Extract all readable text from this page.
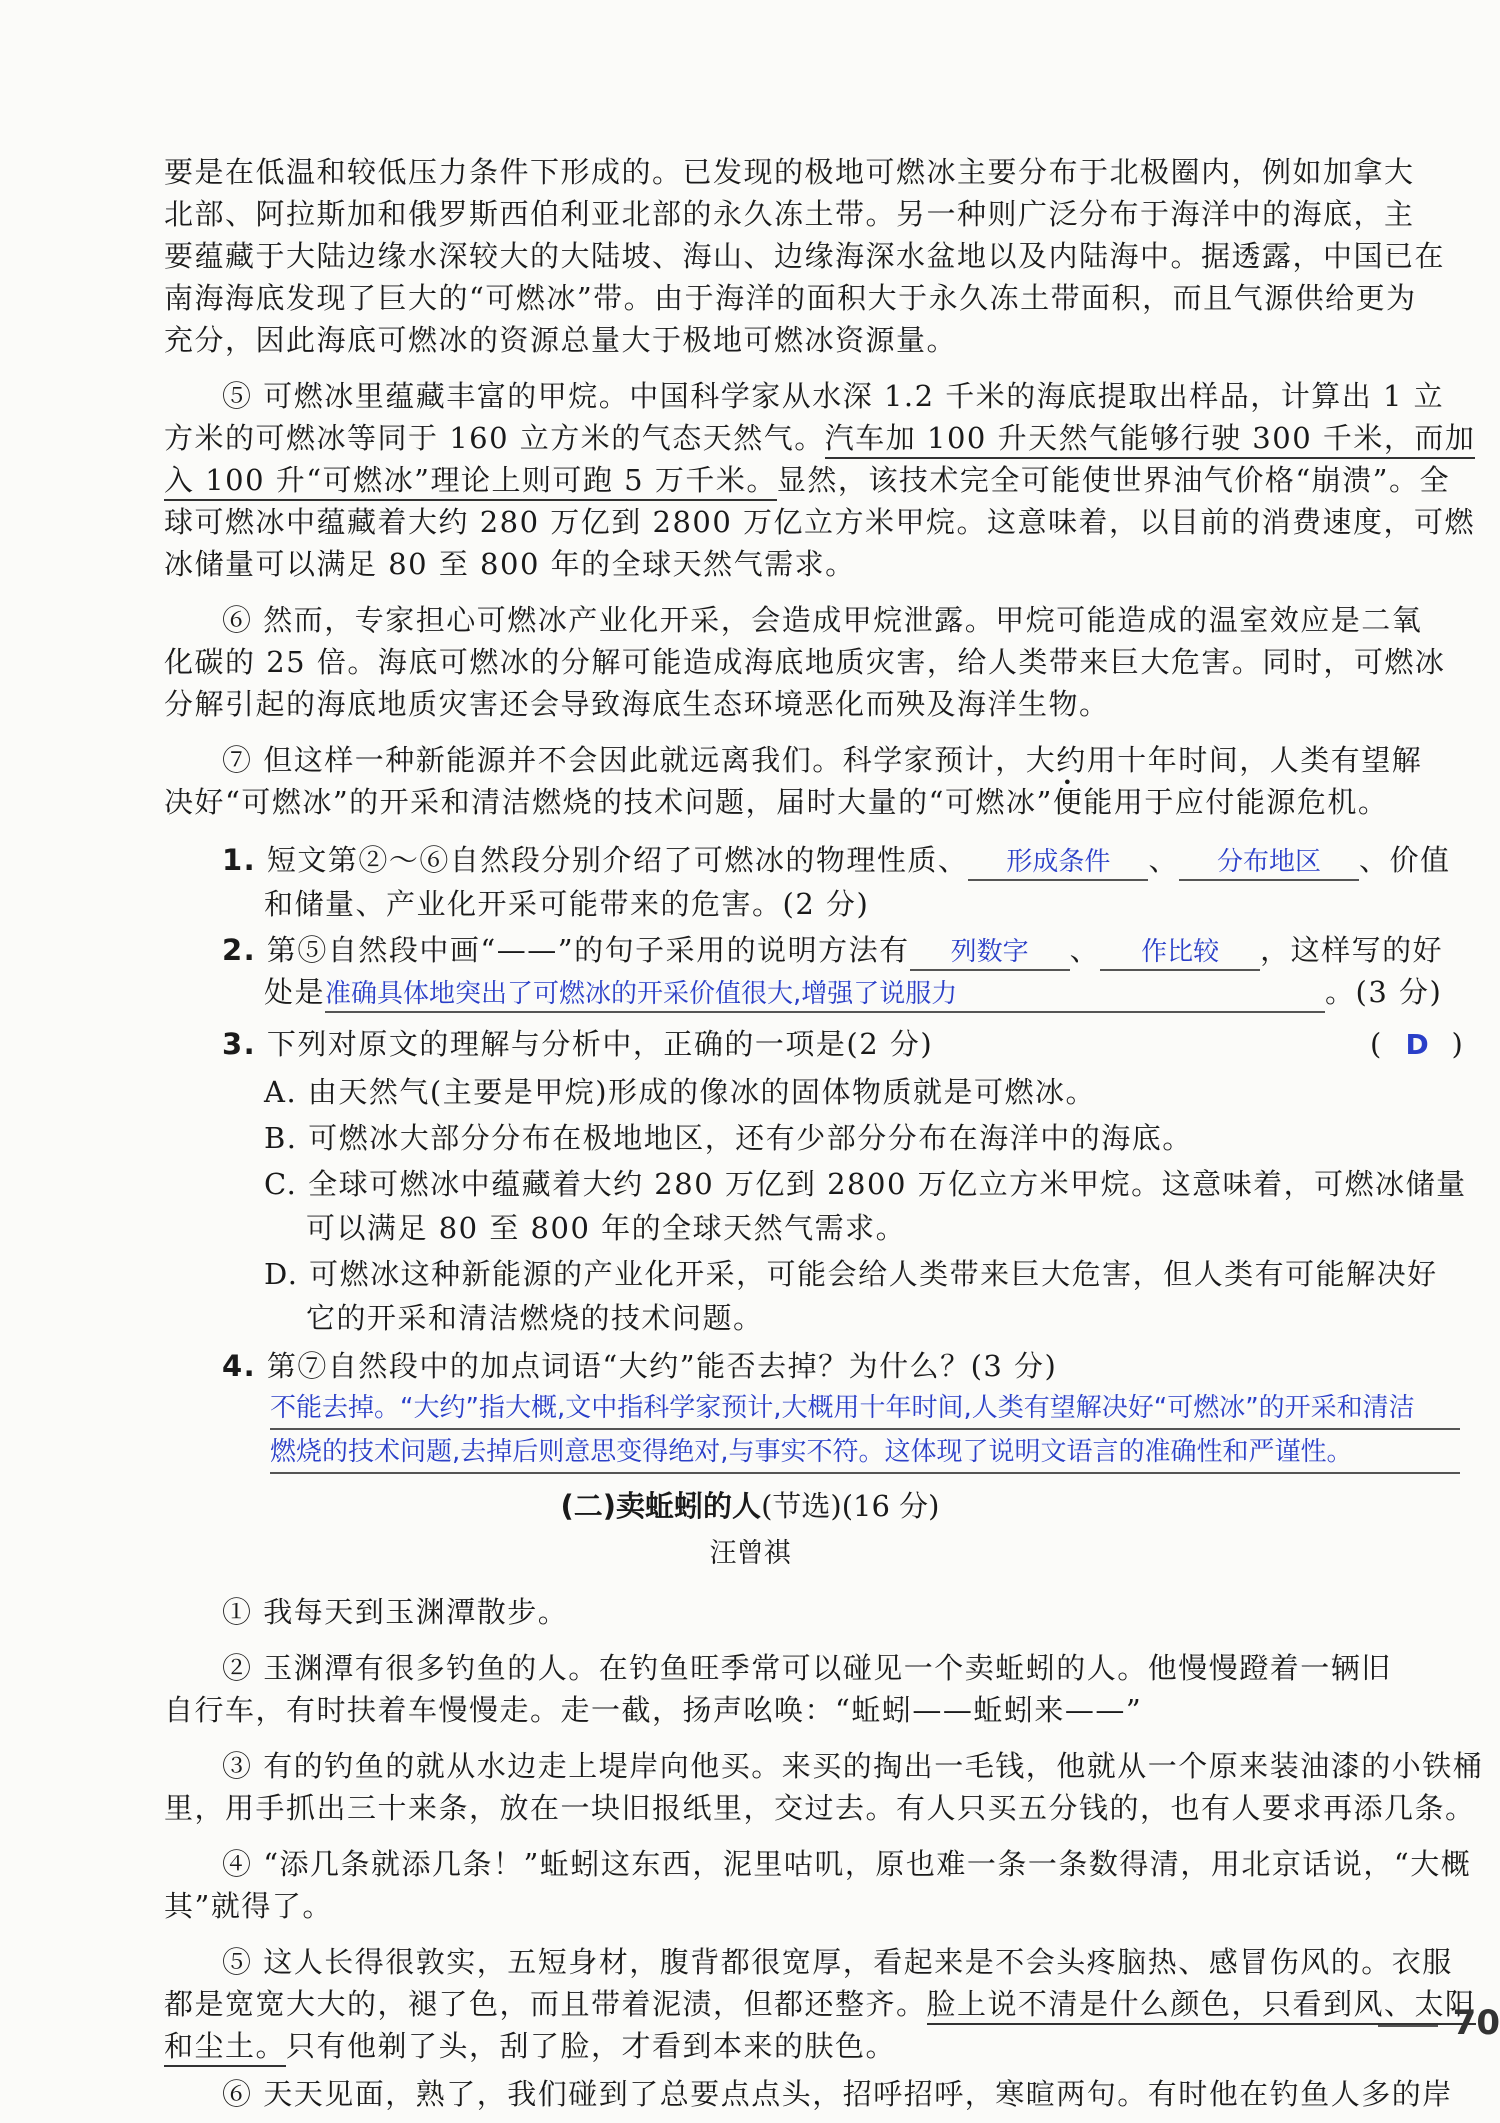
要是在低温和较低压力条件下形成的。已发现的极地可燃冰主要分布于北极圈内，例如加拿大
北部、阿拉斯加和俄罗斯西伯利亚北部的永久冻土带。另一种则广泛分布于海洋中的海底，主
要蕴藏于大陆边缘水深较大的大陆坡、海山、边缘海深水盆地以及内陆海中。据透露，中国已在
南海海底发现了巨大的“可燃冰”带。由于海洋的面积大于永久冻土带面积，而且气源供给更为
充分，因此海底可燃冰的资源总量大于极地可燃冰资源量。
⑤ 可燃冰里蕴藏丰富的甲烷。中国科学家从水深 1.2 千米的海底提取出样品，计算出 1 立
方米的可燃冰等同于 160 立方米的气态天然气。汽车加 100 升天然气能够行驶 300 千米，而加
入 100 升“可燃冰”理论上则可跑 5 万千米。显然，该技术完全可能使世界油气价格“崩溃”。全
球可燃冰中蕴藏着大约 280 万亿到 2800 万亿立方米甲烷。这意味着，以目前的消费速度，可燃
冰储量可以满足 80 至 800 年的全球天然气需求。
⑥ 然而，专家担心可燃冰产业化开采，会造成甲烷泄露。甲烷可能造成的温室效应是二氧
化碳的 25 倍。海底可燃冰的分解可能造成海底地质灾害，给人类带来巨大危害。同时，可燃冰
分解引起的海底地质灾害还会导致海底生态环境恶化而殃及海洋生物。
⑦ 但这样一种新能源并不会因此就远离我们。科学家预计，大约用十年时间，人类有望解
决好“可燃冰”的开采和清洁燃烧的技术问题，届时大量的“可燃冰”便能用于应付能源危机。
1. 短文第②～⑥自然段分别介绍了可燃冰的物理性质、 形成条件 、 分布地区 、价值
和储量、产业化开采可能带来的危害。(2 分)
2. 第⑤自然段中画“——”的句子采用的说明方法有 列数字 、 作比较 ，这样写的好
处是准确具体地突出了可燃冰的开采价值很大,增强了说服力	。(3 分)
3. 下列对原文的理解与分析中，正确的一项是(2 分)	( D )
A. 由天然气(主要是甲烷)形成的像冰的固体物质就是可燃冰。
B. 可燃冰大部分分布在极地地区，还有少部分分布在海洋中的海底。
C. 全球可燃冰中蕴藏着大约 280 万亿到 2800 万亿立方米甲烷。这意味着，可燃冰储量
可以满足 80 至 800 年的全球天然气需求。
D. 可燃冰这种新能源的产业化开采，可能会给人类带来巨大危害，但人类有可能解决好
它的开采和清洁燃烧的技术问题。
4. 第⑦自然段中的加点词语“大约”能否去掉？为什么？(3 分)
不能去掉。“大约”指大概,文中指科学家预计,大概用十年时间,人类有望解决好“可燃冰”的开采和清洁
燃烧的技术问题,去掉后则意思变得绝对,与事实不符。这体现了说明文语言的准确性和严谨性。
(二)卖蚯蚓的人(节选)(16 分)
汪曾祺
① 我每天到玉渊潭散步。
② 玉渊潭有很多钓鱼的人。在钓鱼旺季常可以碰见一个卖蚯蚓的人。他慢慢蹬着一辆旧
自行车，有时扶着车慢慢走。走一截，扬声吆唤：“蚯蚓——蚯蚓来——”
③ 有的钓鱼的就从水边走上堤岸向他买。来买的掏出一毛钱，他就从一个原来装油漆的小铁桶
里，用手抓出三十来条，放在一块旧报纸里，交过去。有人只买五分钱的，也有人要求再添几条。
④ “添几条就添几条！”蚯蚓这东西，泥里咕叽，原也难一条一条数得清，用北京话说，“大概
其”就得了。
⑤ 这人长得很敦实，五短身材，腹背都很宽厚，看起来是不会头疼脑热、感冒伤风的。衣服
都是宽宽大大的，褪了色，而且带着泥渍，但都还整齐。脸上说不清是什么颜色，只看到风、太阳
和尘土。只有他剃了头，刮了脸，才看到本来的肤色。
⑥ 天天见面，熟了，我们碰到了总要点点头，招呼招呼，寒暄两句。有时他在钓鱼人多的岸
70
